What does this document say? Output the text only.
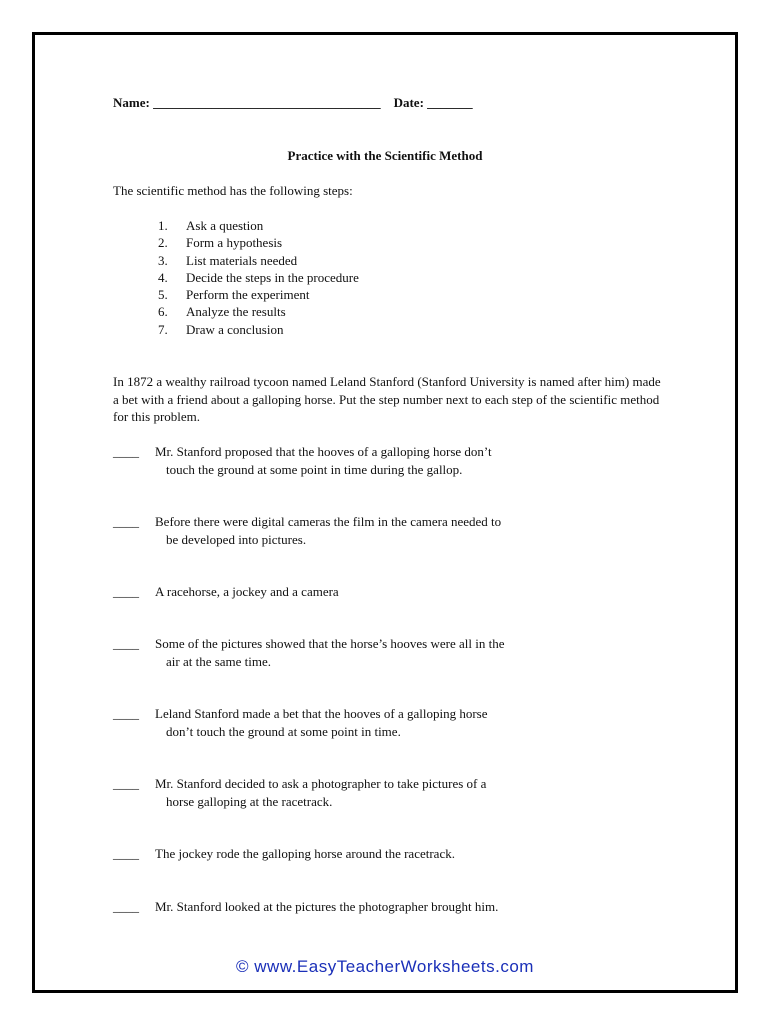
Name: ___________________________________ Date: _______
Practice with the Scientific Method
The scientific method has the following steps:
1.	Ask a question
2.	Form a hypothesis
3.	List materials needed
4.	Decide the steps in the procedure
5.	Perform the experiment
6.	Analyze the results
7.	Draw a conclusion
In 1872 a wealthy railroad tycoon named Leland Stanford (Stanford University is named after him) made a bet with a friend about a galloping horse. Put the step number next to each step of the scientific method for this problem.
____ Mr. Stanford proposed that the hooves of a galloping horse don’t
touch the ground at some point in time during the gallop.
____ Before there were digital cameras the film in the camera needed to
be developed into pictures.
____ A racehorse, a jockey and a camera
____ Some of the pictures showed that the horse’s hooves were all in the
air at the same time.
____ Leland Stanford made a bet that the hooves of a galloping horse
don’t touch the ground at some point in time.
____ Mr. Stanford decided to ask a photographer to take pictures of a
horse galloping at the racetrack.
____ The jockey rode the galloping horse around the racetrack.
____ Mr. Stanford looked at the pictures the photographer brought him.
© www.EasyTeacherWorksheets.com
